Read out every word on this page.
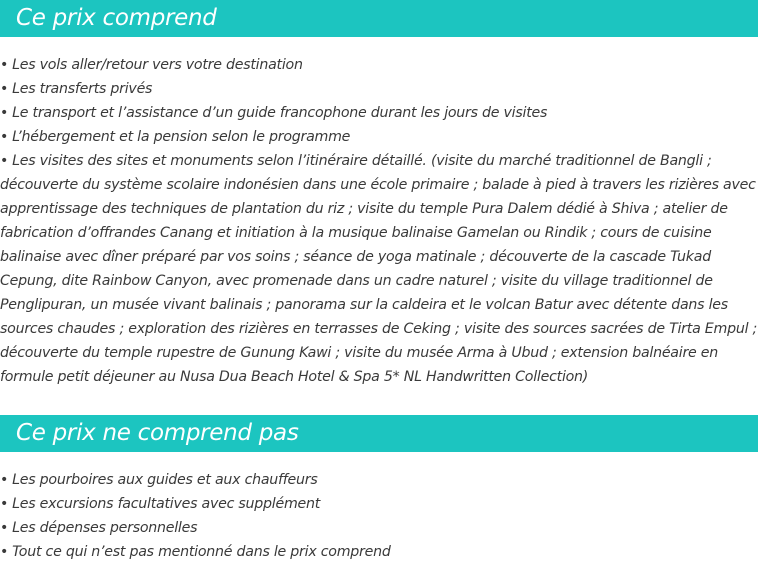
Ce prix comprend
• Les vols aller/retour vers votre destination
• Les transferts privés
• Le transport et l’assistance d’un guide francophone durant les jours de visites
• L’hébergement et la pension selon le programme
• Les visites des sites et monuments selon l’itinéraire détaillé. (visite du marché traditionnel de Bangli ; découverte du système scolaire indonésien dans une école primaire ; balade à pied à travers les rizières avec apprentissage des techniques de plantation du riz ; visite du temple Pura Dalem dédié à Shiva ; atelier de fabrication d’offrandes Canang et initiation à la musique balinaise Gamelan ou Rindik ; cours de cuisine balinaise avec dîner préparé par vos soins ; séance de yoga matinale ; découverte de la cascade Tukad Cepung, dite Rainbow Canyon, avec promenade dans un cadre naturel ; visite du village traditionnel de Penglipuran, un musée vivant balinais ; panorama sur la caldeira et le volcan Batur avec détente dans les sources chaudes ; exploration des rizières en terrasses de Ceking ; visite des sources sacrées de Tirta Empul ; découverte du temple rupestre de Gunung Kawi ; visite du musée Arma à Ubud ; extension balnéaire en formule petit déjeuner au Nusa Dua Beach Hotel & Spa 5* NL Handwritten Collection)
Ce prix ne comprend pas
• Les pourboires aux guides et aux chauffeurs
• Les excursions facultatives avec supplément
• Les dépenses personnelles
• Tout ce qui n’est pas mentionné dans le prix comprend
